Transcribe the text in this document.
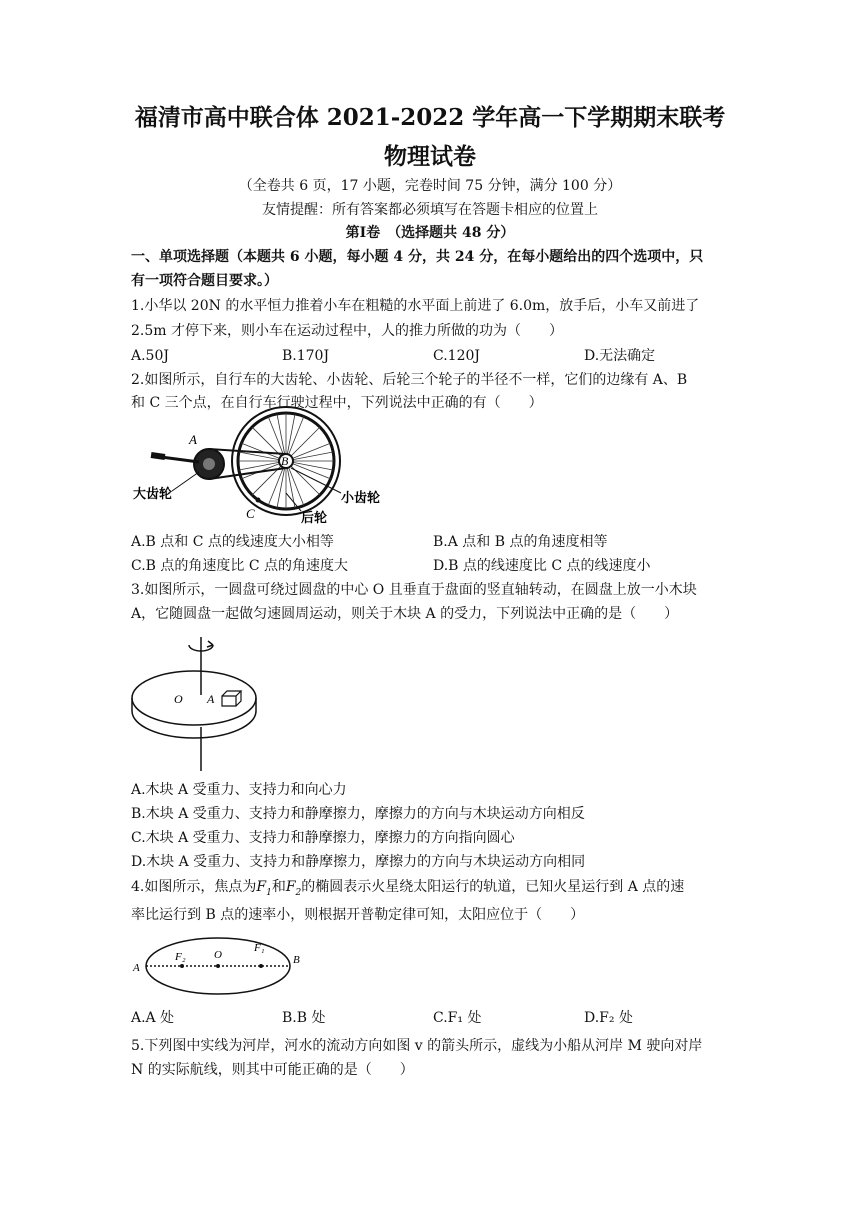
福清市高中联合体 2021-2022 学年高一下学期期末联考
物理试卷
（全卷共 6 页，17 小题，完卷时间 75 分钟，满分 100 分）
友情提醒：所有答案都必须填写在答题卡相应的位置上
第Ⅰ卷　（选择题共 48 分）
一、单项选择题（本题共 6 小题，每小题 4 分，共 24 分，在每小题给出的四个选项中，只
有一项符合题目要求。）
1.小华以 20N 的水平恒力推着小车在粗糙的水平面上前进了 6.0m，放手后，小车又前进了
2.5m 才停下来，则小车在运动过程中，人的推力所做的功为（　　）
A.50J	B.170J	C.120J	D.无法确定
2.如图所示，自行车的大齿轮、小齿轮、后轮三个轮子的半径不一样，它们的边缘有 A、B
和 C 三个点，在自行车行驶过程中，下列说法中正确的有（　　）
A
B
C
大齿轮	小齿轮
后轮
A.B 点和 C 点的线速度大小相等	B.A 点和 B 点的角速度相等
C.B 点的角速度比 C 点的角速度大	D.B 点的线速度比 C 点的线速度小
3.如图所示，一圆盘可绕过圆盘的中心 O 且垂直于盘面的竖直轴转动，在圆盘上放一小木块
A，它随圆盘一起做匀速圆周运动，则关于木块 A 的受力，下列说法中正确的是（　　）
O A
A.木块 A 受重力、支持力和向心力
B.木块 A 受重力、支持力和静摩擦力，摩擦力的方向与木块运动方向相反
C.木块 A 受重力、支持力和静摩擦力，摩擦力的方向指向圆心
D.木块 A 受重力、支持力和静摩擦力，摩擦力的方向与木块运动方向相同
4.如图所示，焦点为$F_1$和$F_2$的椭圆表示火星绕太阳运行的轨道，已知火星运行到 A 点的速
率比运行到 B 点的速率小，则根据开普勒定律可知，太阳应位于（　　）
A
B
O
F₂
F₁
A.A 处	B.B 处	C.F₁ 处	D.F₂ 处
5.下列图中实线为河岸，河水的流动方向如图 v 的箭头所示，虚线为小船从河岸 M 驶向对岸
N 的实际航线，则其中可能正确的是（　　）
